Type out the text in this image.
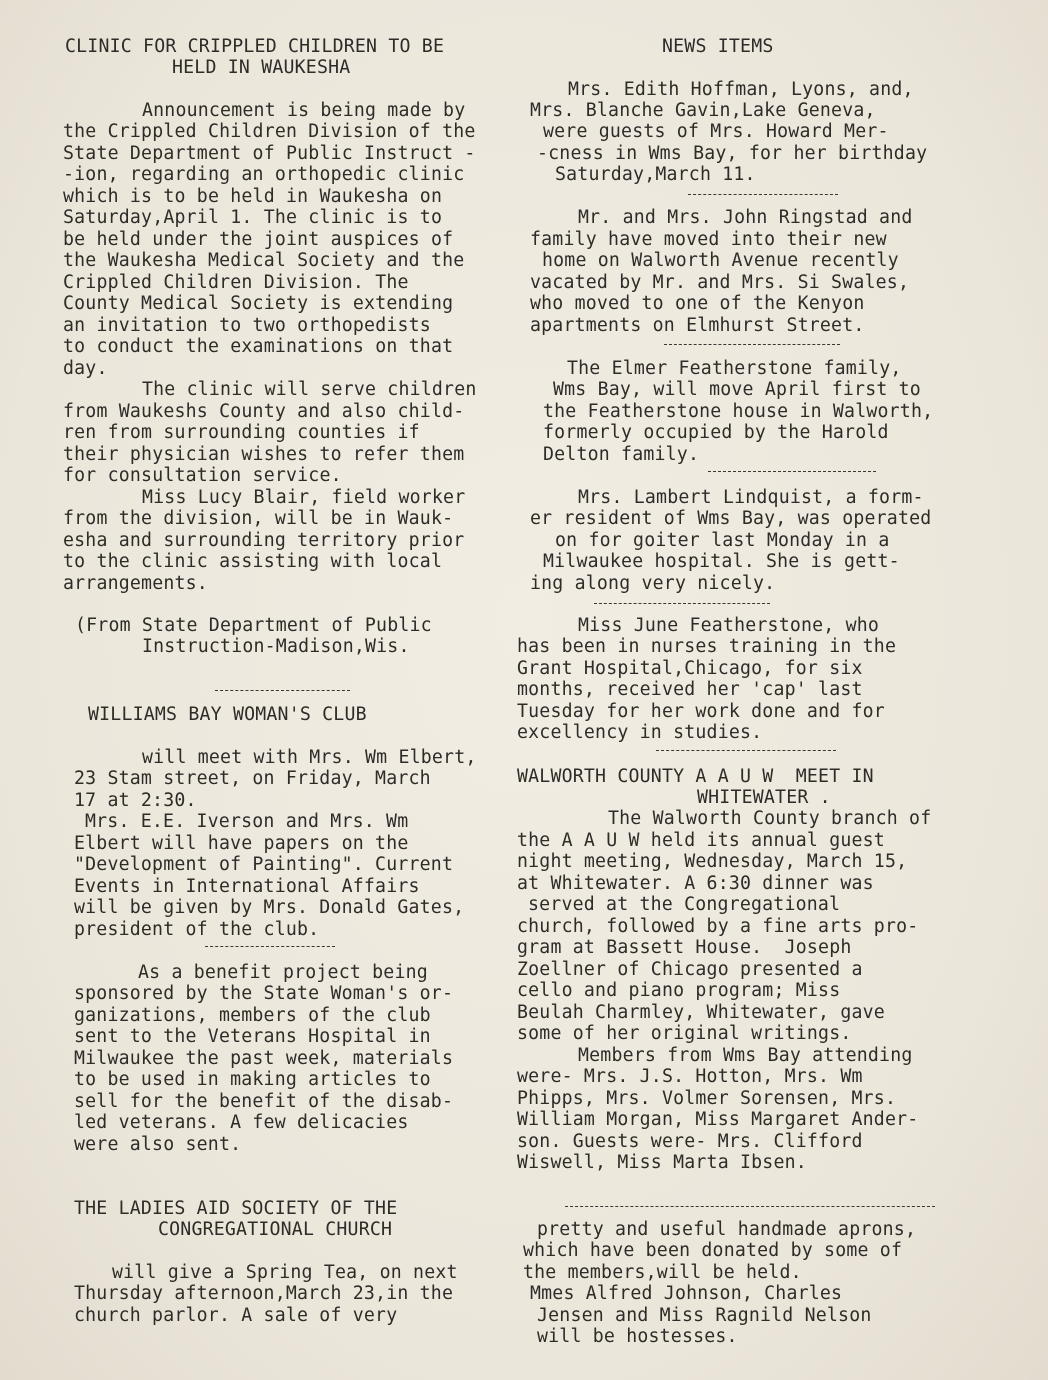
CLINIC FOR CRIPPLED CHILDREN TO BE
HELD IN WAUKESHA
Announcement is being made by
the Crippled Children Division of the
State Department of Public Instruct -
-ion, regarding an orthopedic clinic
which is to be held in Waukesha on
Saturday,April 1. The clinic is to
be held under the joint auspices of
the Waukesha Medical Society and the
Crippled Children Division. The
County Medical Society is extending
an invitation to two orthopedists
to conduct the examinations on that
day.
The clinic will serve children
from Waukeshs County and also child-
ren from surrounding counties if
their physician wishes to refer them
for consultation service.
Miss Lucy Blair, field worker
from the division, will be in Wauk-
esha and surrounding territory prior
to the clinic assisting with local
arrangements.
(From State Department of Public
Instruction-Madison,Wis.
WILLIAMS BAY WOMAN'S CLUB
will meet with Mrs. Wm Elbert,
23 Stam street, on Friday, March
17 at 2:30.
Mrs. E.E. Iverson and Mrs. Wm
Elbert will have papers on the
"Development of Painting". Current
Events in International Affairs
will be given by Mrs. Donald Gates,
president of the club.
As a benefit project being
sponsored by the State Woman's or-
ganizations, members of the club
sent to the Veterans Hospital in
Milwaukee the past week, materials
to be used in making articles to
sell for the benefit of the disab-
led veterans. A few delicacies
were also sent.
THE LADIES AID SOCIETY OF THE
CONGREGATIONAL CHURCH
will give a Spring Tea, on next
Thursday afternoon,March 23,in the
church parlor. A sale of very
NEWS ITEMS
Mrs. Edith Hoffman, Lyons, and,
Mrs. Blanche Gavin,Lake Geneva,
were guests of Mrs. Howard Mer-
-cness in Wms Bay, for her birthday
Saturday,March 11.
Mr. and Mrs. John Ringstad and
family have moved into their new
home on Walworth Avenue recently
vacated by Mr. and Mrs. Si Swales,
who moved to one of the Kenyon
apartments on Elmhurst Street.
The Elmer Featherstone family,
Wms Bay, will move April first to
the Featherstone house in Walworth,
formerly occupied by the Harold
Delton family.
Mrs. Lambert Lindquist, a form-
er resident of Wms Bay, was operated
on for goiter last Monday in a
Milwaukee hospital. She is gett-
ing along very nicely.
Miss June Featherstone, who
has been in nurses training in the
Grant Hospital,Chicago, for six
months, received her 'cap' last
Tuesday for her work done and for
excellency in studies.
WALWORTH COUNTY A A U W  MEET IN
WHITEWATER .
The Walworth County branch of
the A A U W held its annual guest
night meeting, Wednesday, March 15,
at Whitewater. A 6:30 dinner was
served at the Congregational
church, followed by a fine arts pro-
gram at Bassett House.  Joseph
Zoellner of Chicago presented a
cello and piano program; Miss
Beulah Charmley, Whitewater, gave
some of her original writings.
Members from Wms Bay attending
were- Mrs. J.S. Hotton, Mrs. Wm
Phipps, Mrs. Volmer Sorensen, Mrs.
William Morgan, Miss Margaret Ander-
son. Guests were- Mrs. Clifford
Wiswell, Miss Marta Ibsen.
pretty and useful handmade aprons,
which have been donated by some of
the members,will be held.
Mmes Alfred Johnson, Charles
Jensen and Miss Ragnild Nelson
will be hostesses.
